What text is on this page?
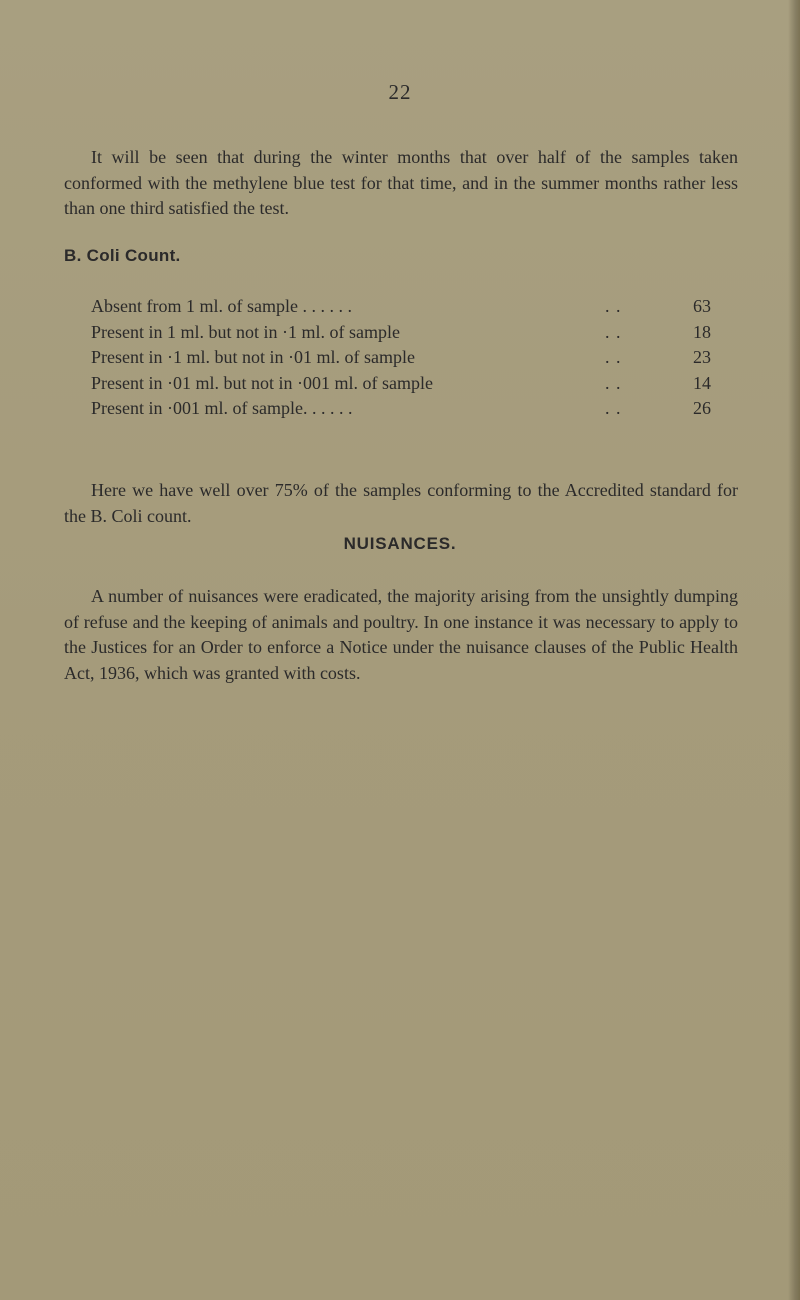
22
It will be seen that during the winter months that over half of the samples taken conformed with the methylene blue test for that time, and in the summer months rather less than one third satisfied the test.
B. Coli Count.
Absent from 1 ml. of sample . . . . . .	. .	63
Present in 1 ml. but not in ·1 ml. of sample	. .	18
Present in ·1 ml. but not in ·01 ml. of sample	. .	23
Present in ·01 ml. but not in ·001 ml. of sample	. .	14
Present in ·001 ml. of sample. . . . . .	. .	26
Here we have well over 75% of the samples conforming to the Accredited standard for the B. Coli count.
NUISANCES.
A number of nuisances were eradicated, the majority arising from the unsightly dumping of refuse and the keeping of animals and poultry. In one instance it was necessary to apply to the Justices for an Order to enforce a Notice under the nuisance clauses of the Public Health Act, 1936, which was granted with costs.
